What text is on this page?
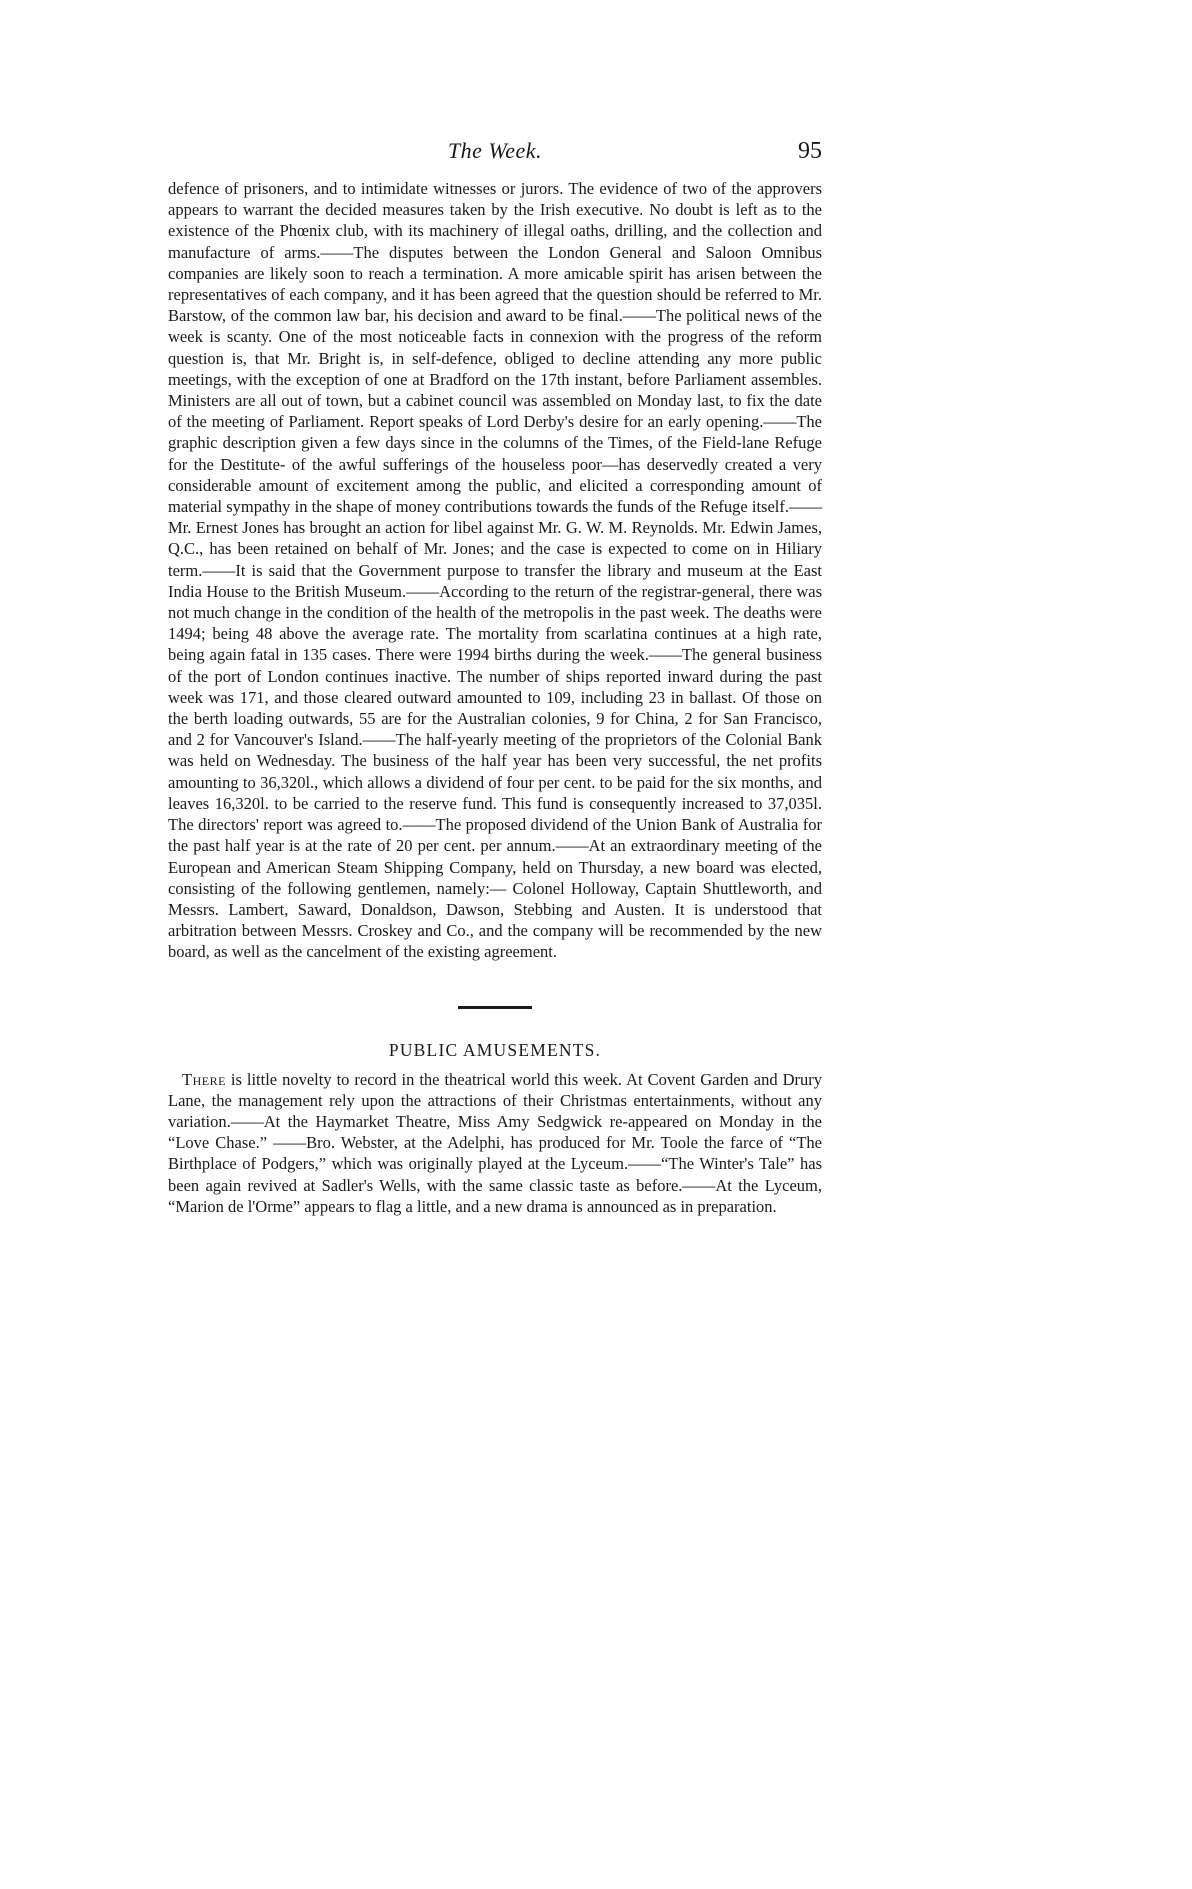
The Week.	95

defence of prisoners, and to intimidate witnesses or jurors. The evidence of two of the approvers appears to warrant the decided measures taken by the Irish executive. No doubt is left as to the existence of the Phœnix club, with its machinery of illegal oaths, drilling, and the collection and manufacture of arms.——The disputes between the London General and Saloon Omnibus companies are likely soon to reach a termination. A more amicable spirit has arisen between the representatives of each company, and it has been agreed that the question should be referred to Mr. Barstow, of the common law bar, his decision and award to be final.——The political news of the week is scanty. One of the most noticeable facts in connexion with the progress of the reform question is, that Mr. Bright is, in self-defence, obliged to decline attending any more public meetings, with the exception of one at Bradford on the 17th instant, before Parliament assembles. Ministers are all out of town, but a cabinet council was assembled on Monday last, to fix the date of the meeting of Parliament. Report speaks of Lord Derby's desire for an early opening.——The graphic description given a few days since in the columns of the Times, of the Field-lane Refuge for the Destitute- of the awful sufferings of the houseless poor—has deservedly created a very considerable amount of excitement among the public, and elicited a corresponding amount of material sympathy in the shape of money contributions towards the funds of the Refuge itself.——Mr. Ernest Jones has brought an action for libel against Mr. G. W. M. Reynolds. Mr. Edwin James, Q.C., has been retained on behalf of Mr. Jones; and the case is expected to come on in Hiliary term.——It is said that the Government purpose to transfer the library and museum at the East India House to the British Museum.——According to the return of the registrar-general, there was not much change in the condition of the health of the metropolis in the past week. The deaths were 1494; being 48 above the average rate. The mortality from scarlatina continues at a high rate, being again fatal in 135 cases. There were 1994 births during the week.——The general business of the port of London continues inactive. The number of ships reported inward during the past week was 171, and those cleared outward amounted to 109, including 23 in ballast. Of those on the berth loading outwards, 55 are for the Australian colonies, 9 for China, 2 for San Francisco, and 2 for Vancouver's Island.——The half-yearly meeting of the proprietors of the Colonial Bank was held on Wednesday. The business of the half year has been very successful, the net profits amounting to 36,320l., which allows a dividend of four per cent. to be paid for the six months, and leaves 16,320l. to be carried to the reserve fund. This fund is consequently increased to 37,035l. The directors' report was agreed to.——The proposed dividend of the Union Bank of Australia for the past half year is at the rate of 20 per cent. per annum.——At an extraordinary meeting of the European and American Steam Shipping Company, held on Thursday, a new board was elected, consisting of the following gentlemen, namely:— Colonel Holloway, Captain Shuttleworth, and Messrs. Lambert, Saward, Donaldson, Dawson, Stebbing and Austen. It is understood that arbitration between Messrs. Croskey and Co., and the company will be recommended by the new board, as well as the cancelment of the existing agreement.

PUBLIC AMUSEMENTS.

There is little novelty to record in the theatrical world this week. At Covent Garden and Drury Lane, the management rely upon the attractions of their Christmas entertainments, without any variation.——At the Haymarket Theatre, Miss Amy Sedgwick re-appeared on Monday in the “Love Chase.” ——Bro. Webster, at the Adelphi, has produced for Mr. Toole the farce of “The Birthplace of Podgers,” which was originally played at the Lyceum.——“The Winter's Tale” has been again revived at Sadler's Wells, with the same classic taste as before.——At the Lyceum, “Marion de l'Orme” appears to flag a little, and a new drama is announced as in preparation.
